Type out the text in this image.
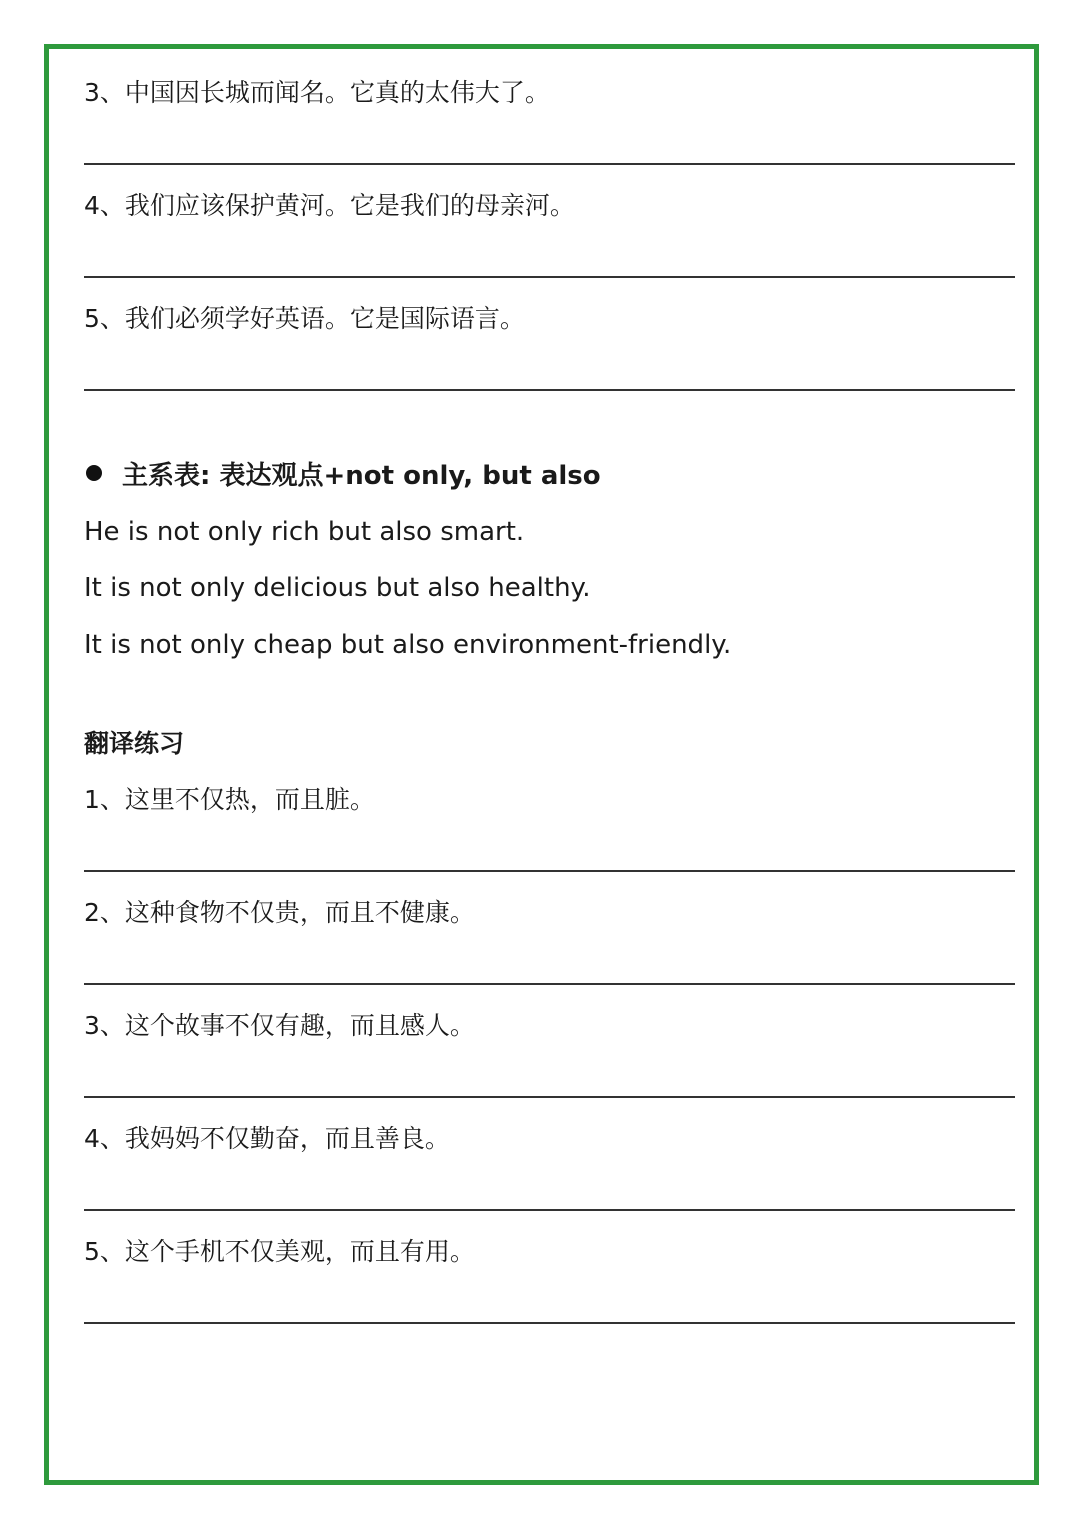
3、中国因长城而闻名。它真的太伟大了。
4、我们应该保护黄河。它是我们的母亲河。
5、我们必须学好英语。它是国际语言。
主系表: 表达观点+not only, but also
He is not only rich but also smart.
It is not only delicious but also healthy.
It is not only cheap but also environment-friendly.
翻译练习
1、这里不仅热，而且脏。
2、这种食物不仅贵，而且不健康。
3、这个故事不仅有趣，而且感人。
4、我妈妈不仅勤奋，而且善良。
5、这个手机不仅美观，而且有用。
